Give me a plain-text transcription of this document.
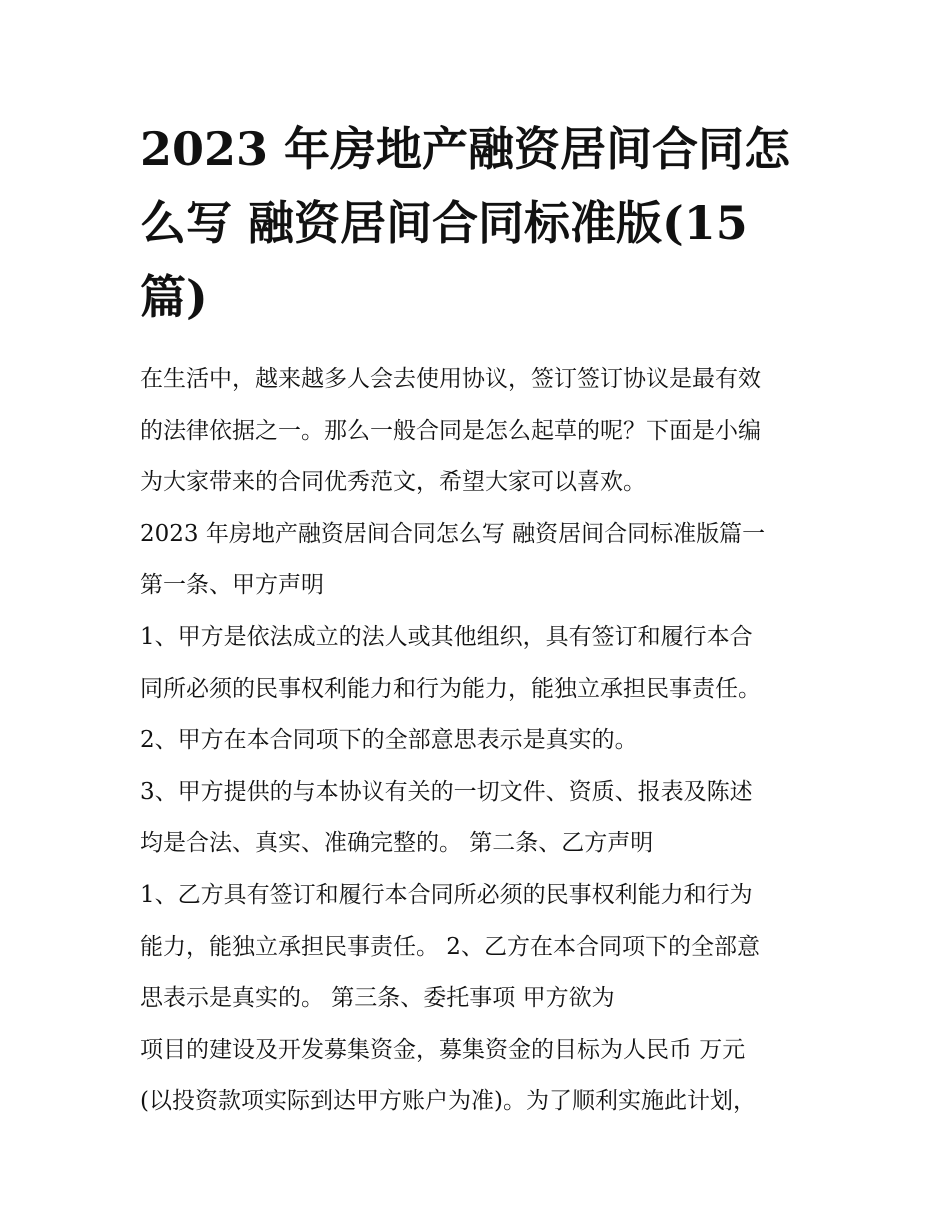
2023 年房地产融资居间合同怎
么写 融资居间合同标准版(15
篇)
在生活中，越来越多人会去使用协议，签订签订协议是最有效
的法律依据之一。那么一般合同是怎么起草的呢？下面是小编
为大家带来的合同优秀范文，希望大家可以喜欢。
2023 年房地产融资居间合同怎么写 融资居间合同标准版篇一
第一条、甲方声明
1、甲方是依法成立的法人或其他组织，具有签订和履行本合
同所必须的民事权利能力和行为能力，能独立承担民事责任。
2、甲方在本合同项下的全部意思表示是真实的。
3、甲方提供的与本协议有关的一切文件、资质、报表及陈述
均是合法、真实、准确完整的。 第二条、乙方声明
1、乙方具有签订和履行本合同所必须的民事权利能力和行为
能力，能独立承担民事责任。 2、乙方在本合同项下的全部意
思表示是真实的。 第三条、委托事项 甲方欲为
项目的建设及开发募集资金，募集资金的目标为人民币 万元
(以投资款项实际到达甲方账户为准)。为了顺利实施此计划，
